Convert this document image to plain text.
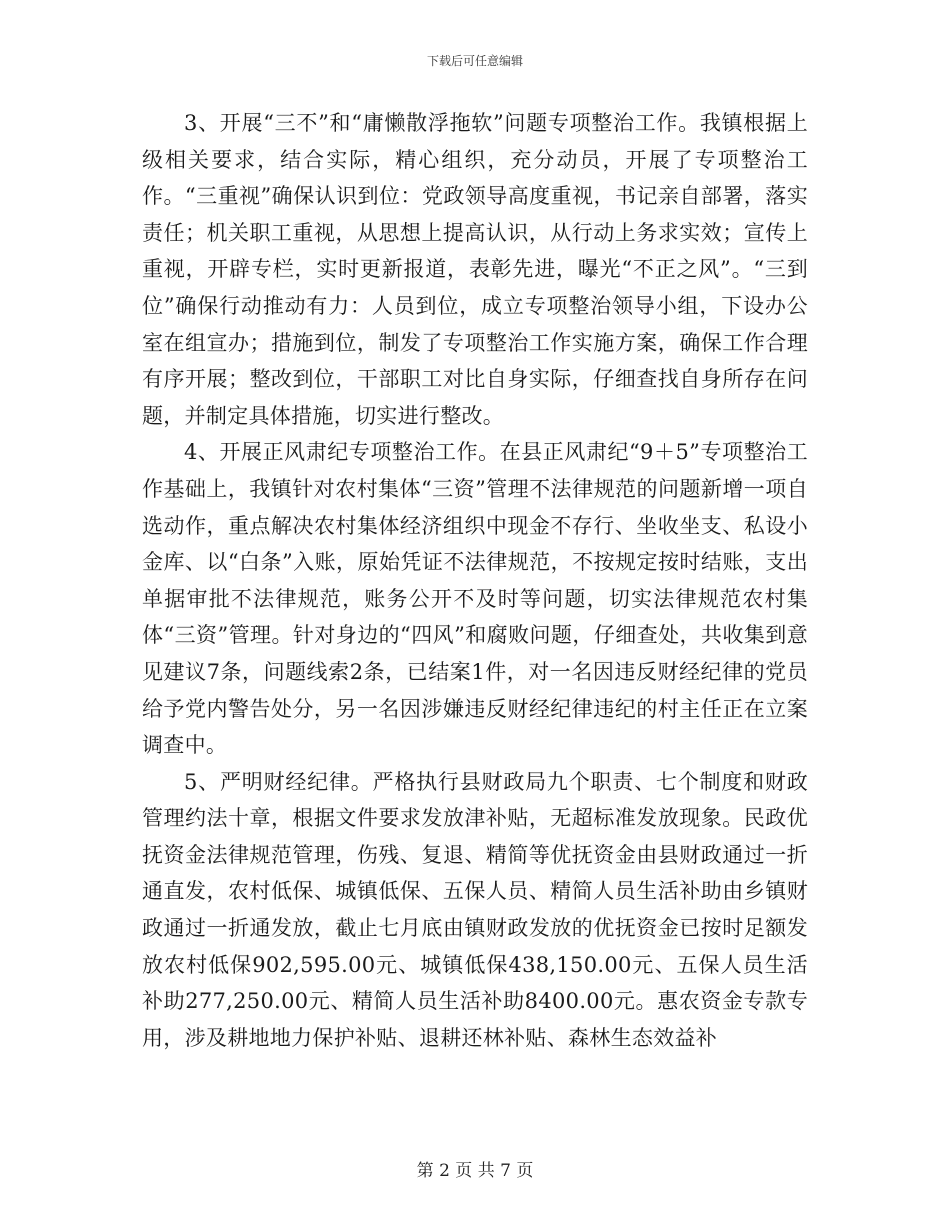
下载后可任意编辑

3、开展“三不”和“庸懒散浮拖软”问题专项整治工作。我镇根据上级相关要求，结合实际，精心组织，充分动员，开展了专项整治工作。“三重视”确保认识到位：党政领导高度重视，书记亲自部署，落实责任；机关职工重视，从思想上提高认识，从行动上务求实效；宣传上重视，开辟专栏，实时更新报道，表彰先进，曝光“不正之风”。“三到位”确保行动推动有力：人员到位，成立专项整治领导小组，下设办公室在组宣办；措施到位，制发了专项整治工作实施方案，确保工作合理有序开展；整改到位，干部职工对比自身实际，仔细查找自身所存在问题，并制定具体措施，切实进行整改。

4、开展正风肃纪专项整治工作。在县正风肃纪“9＋5”专项整治工作基础上，我镇针对农村集体“三资”管理不法律规范的问题新增一项自选动作，重点解决农村集体经济组织中现金不存行、坐收坐支、私设小金库、以“白条”入账，原始凭证不法律规范，不按规定按时结账，支出单据审批不法律规范，账务公开不及时等问题，切实法律规范农村集体“三资”管理。针对身边的“四风”和腐败问题，仔细查处，共收集到意见建议7条，问题线索2条，已结案1件，对一名因违反财经纪律的党员给予党内警告处分，另一名因涉嫌违反财经纪律违纪的村主任正在立案调查中。

5、严明财经纪律。严格执行县财政局九个职责、七个制度和财政管理约法十章，根据文件要求发放津补贴，无超标准发放现象。民政优抚资金法律规范管理，伤残、复退、精简等优抚资金由县财政通过一折通直发，农村低保、城镇低保、五保人员、精简人员生活补助由乡镇财政通过一折通发放，截止七月底由镇财政发放的优抚资金已按时足额发放农村低保902,595.00元、城镇低保438,150.00元、五保人员生活补助277,250.00元、精简人员生活补助8400.00元。惠农资金专款专用，涉及耕地地力保护补贴、退耕还林补贴、森林生态效益补

第 2 页 共 7 页
